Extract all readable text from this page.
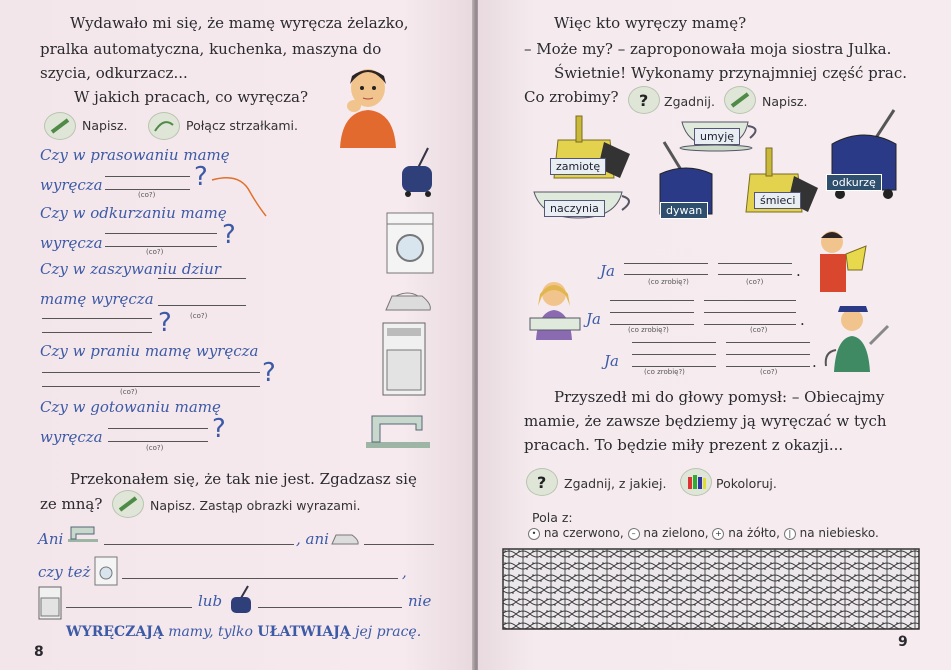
Wydawało mi się, że mamę wyręcza żelazko,
pralka automatyczna, kuchenka, maszyna do
szycia, odkurzacz...
W jakich pracach, co wyręcza?
Napisz.	Połącz strzałkami.
Czy w prasowaniu mamę
wyręcza
(co?)
?
Czy w odkurzaniu mamę
wyręcza	(co?)
?
Czy w zaszywaniu dziur
mamę wyręcza
?	(co?)
Czy w praniu mamę wyręcza
?
(co?)
Czy w gotowaniu mamę
wyręcza
(co?)
?
Przekonałem się, że tak nie jest. Zgadzasz się
ze mną?	Napisz. Zastąp obrazki wyrazami.
Ani	, ani
czy też	,
lub	nie
WYRĘCZAJĄ mamy, tylko UŁATWIAJĄ jej pracę.
8
Więc kto wyręczy mamę?
– Może my? – zaproponowała moja siostra Julka.
Świetnie! Wykonamy przynajmniej część prac.
Co zrobimy? ? Zgadnij.	Napisz.
zamiotę
umyję
odkurzę
naczynia	dywan
śmieci
Ja	.
(co zrobię?)	(co?)
Ja	.
(co zrobię?)	(co?)
Ja	.
(co zrobię?)	(co?)
Przyszedł mi do głowy pomysł: – Obiecajmy
mamie, że zawsze będziemy ją wyręczać w tych
pracach. To będzie miły prezent z okazji...
? Zgadnij, z jakiej.	Pokoloruj.
Pola z:
• na czerwono, – na zielono, + na żółto, | na niebiesko.
9
